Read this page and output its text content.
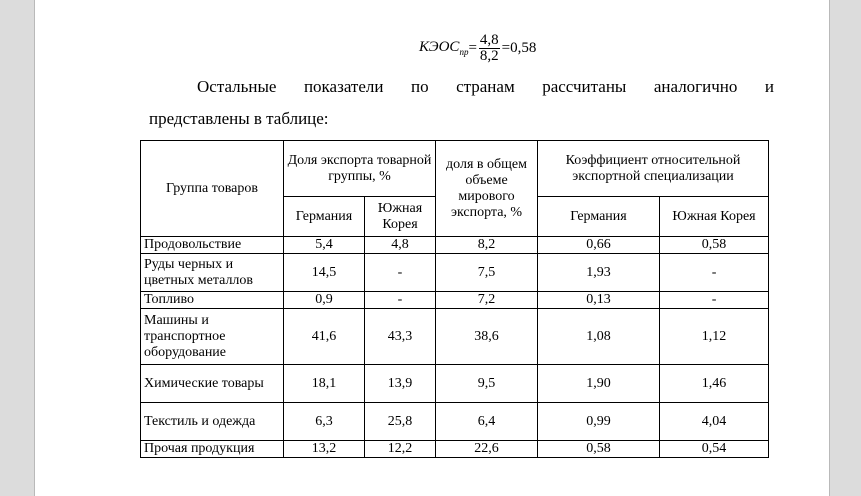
$КЭОС_{пр} = \frac{4,8}{8,2} = 0,58$
Остальные показатели по странам рассчитаны аналогично и
представлены в таблице:
Группа товаров	Доля экспорта товарной группы, %		доля в общем объеме мирового экспорта, %	Коэффициент относительной экспортной специализации	
	Германия	Южная Корея		Германия	Южная Корея
Продовольствие	5,4	4,8	8,2	0,66	0,58
Руды черных и цветных металлов	14,5	-	7,5	1,93	-
Топливо	0,9	-	7,2	0,13	-
Машины и транспортное оборудование	41,6	43,3	38,6	1,08	1,12
Химические товары	18,1	13,9	9,5	1,90	1,46
Текстиль и одежда	6,3	25,8	6,4	0,99	4,04
Прочая продукция	13,2	12,2	22,6	0,58	0,54
